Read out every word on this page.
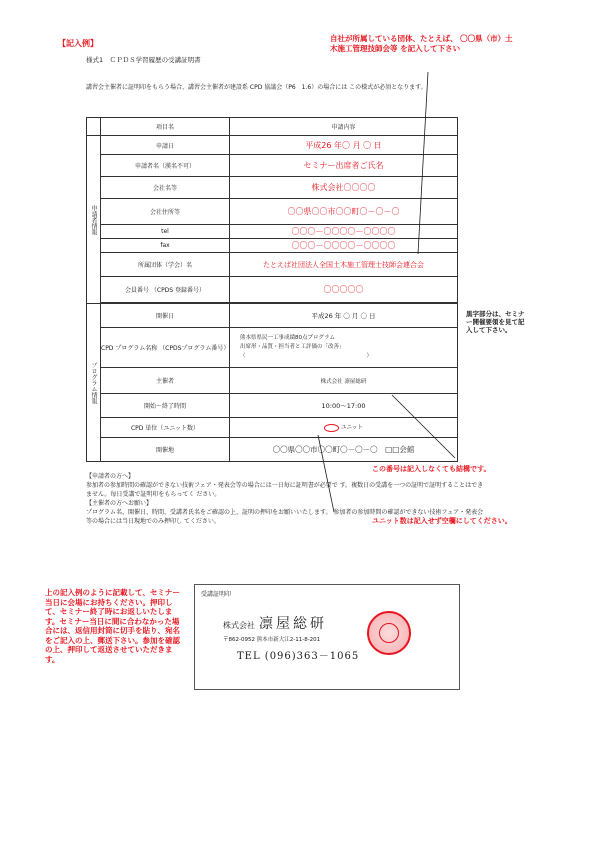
【記入例】
様式1　ＣＰＤＳ学習履歴の受講証明書
講習会主催者に証明印をもらう場合、講習会主催者が建設系 CPD 協議会（P6　1.6）の場合には この様式が必須となります。
自社が所属している団体、たとえば、 〇〇県（市）土木施工管理技師会等 を記入して下さい
	項目名	申請内容
申請者情報	申請日	平成26 年〇 月 〇 日
	申請者名（漢名不可）	セミナー出席者ご氏名
	会社名等	株式会社〇〇〇〇
	会社住所等	〇〇県〇〇市〇〇町〇－〇－〇
	tel	〇〇〇－〇〇〇〇－〇〇〇〇
	fax	〇〇〇－〇〇〇〇－〇〇〇〇
	所属団体（学会）名	たとえば社団法人全国土木施工管理士技師会連合会
	会員番号 （CPDS 登録番号）	〇〇〇〇〇

プログラム情報	開催日	平成26 年 〇 月 〇 日
	CPD プログラム名称 （CPDSプログラム番号）	熊本県県民一工事成績80点プログラム
出席形・品質・担当者と工評価の「改善」
（　　　　　　　　　　　　　　　　　　　　　　）

	主催者	株式会社 凛屋総研
	開始～終了時間	10:00～17:00
	CPD 単位（ユニット数）	ユニット
	開催地	〇〇県〇〇市〇〇町〇－〇－〇　□□会館
黒字部分は、セミナー開催要領を見て記入して下さい。
この番号は記入しなくても結構です。
【申請者の方へ】
参加者の参加時間の確認ができない技術フェア・発表会等の場合には一日毎に証明書が必要で す。複数日の受講を一つの証明で証明することはできません。毎日受講で証明印をもらってく ださい。
【主催者の方へお願い】
プログラム名、開催日、時間、受講者氏名をご確認の上、証明の押印をお願いいたします。 参加者の参加時間の確認ができない技術フェア・発表会等の場合には当日現地でのみ押印し てください。	ユニット数は記入せず空欄にしてください。
上の記入例のように記載して、セミナー当日に会場にお持ちください。押印して、セミナー終了時にお返しいたします。セミナー当日に間に合わなかった場合には、返信用封筒に切手を貼り、宛名をご記入の上、郵送下さい。参加を確認の上、押印して返送させていただきます。
受講証明印
株式会社 凛屋総研
〒862-0952 熊本市新大江2-11-8-201
TEL (096)363－1065
